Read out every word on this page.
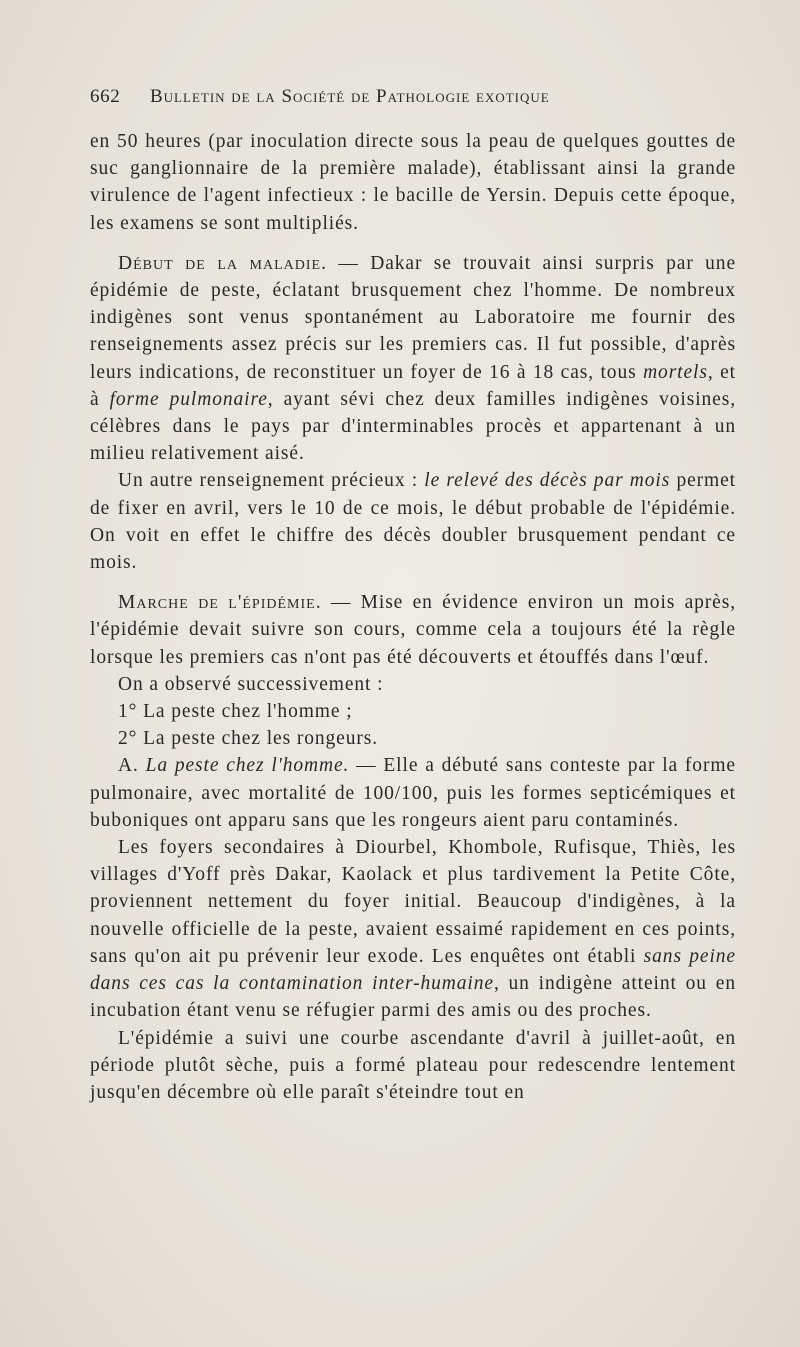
662	Bulletin de la Société de Pathologie exotique

en 50 heures (par inoculation directe sous la peau de quelques gouttes de suc ganglionnaire de la première malade), établissant ainsi la grande virulence de l'agent infectieux : le bacille de Yersin. Depuis cette époque, les examens se sont multipliés.

Début de la maladie. — Dakar se trouvait ainsi surpris par une épidémie de peste, éclatant brusquement chez l'homme. De nombreux indigènes sont venus spontanément au Laboratoire me fournir des renseignements assez précis sur les premiers cas. Il fut possible, d'après leurs indications, de reconstituer un foyer de 16 à 18 cas, tous mortels, et à forme pulmonaire, ayant sévi chez deux familles indigènes voisines, célèbres dans le pays par d'interminables procès et appartenant à un milieu relativement aisé.

Un autre renseignement précieux : le relevé des décès par mois permet de fixer en avril, vers le 10 de ce mois, le début probable de l'épidémie. On voit en effet le chiffre des décès doubler brusquement pendant ce mois.

Marche de l'épidémie. — Mise en évidence environ un mois après, l'épidémie devait suivre son cours, comme cela a toujours été la règle lorsque les premiers cas n'ont pas été découverts et étouffés dans l'œuf.

On a observé successivement :

1° La peste chez l'homme ;
2° La peste chez les rongeurs.

A. La peste chez l'homme. — Elle a débuté sans conteste par la forme pulmonaire, avec mortalité de 100/100, puis les formes septicémiques et buboniques ont apparu sans que les rongeurs aient paru contaminés.

Les foyers secondaires à Diourbel, Khombole, Rufisque, Thiès, les villages d'Yoff près Dakar, Kaolack et plus tardivement la Petite Côte, proviennent nettement du foyer initial. Beaucoup d'indigènes, à la nouvelle officielle de la peste, avaient essaimé rapidement en ces points, sans qu'on ait pu prévenir leur exode. Les enquêtes ont établi sans peine dans ces cas la contamination inter-humaine, un indigène atteint ou en incubation étant venu se réfugier parmi des amis ou des proches.

L'épidémie a suivi une courbe ascendante d'avril à juillet-août, en période plutôt sèche, puis a formé plateau pour redescendre lentement jusqu'en décembre où elle paraît s'éteindre tout en
